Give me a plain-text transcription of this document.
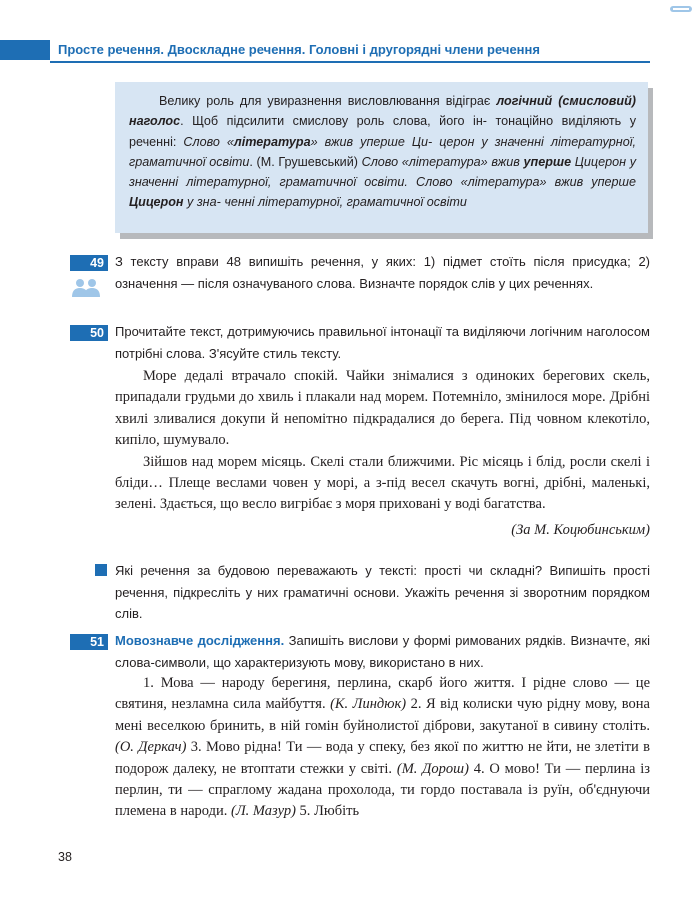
Просте речення. Двоскладне речення. Головні і другорядні члени речення

Велику роль для увиразнення висловлювання відіграє логічний (смисловий) наголос. Щоб підсилити смислову роль слова, його ін- тонаційно виділяють у реченні: Слово «література» вжив уперше Ци- церон у значенні літературної, граматичної освіти. (М. Грушевський) Слово «література» вжив уперше Цицерон у значенні літературної, граматичної освіти. Слово «література» вжив уперше Цицерон у зна- ченні літературної, граматичної освіти

49 З тексту вправи 48 випишіть речення, у яких: 1) підмет стоїть після присудка; 2) означення — після означуваного слова. Визначте порядок слів у цих реченнях.

50 Прочитайте текст, дотримуючись правильної інтонації та виділяючи логічним наголосом потрібні слова. З'ясуйте стиль тексту.

Море дедалі втрачало спокій. Чайки знімалися з одиноких берегових скель, припадали грудьми до хвиль і плакали над морем. Потемніло, змінилося море. Дрібні хвилі зливалися докупи й непомітно підкрадалися до берега. Під човном клекотіло, кипіло, шумувало.

Зійшов над морем місяць. Скелі стали ближчими. Ріс місяць і блід, росли скелі і бліди… Плеще веслами човен у морі, а з-під весел скачуть вогні, дрібні, маленькі, зелені. Здається, що весло вигрібає з моря приховані у воді багатства.

(За М. Коцюбинським)

Які речення за будовою переважають у тексті: прості чи складні? Випишіть прості речення, підкресліть у них граматичні основи. Укажіть речення зі зворотним порядком слів.

51 Мовознавче дослідження. Запишіть вислови у формі римованих рядків. Визначте, які слова-символи, що характеризують мову, використано в них.

1. Мова — народу берегиня, перлина, скарб його життя. І рідне слово — це святиня, незламна сила майбуття. (К. Линдюк) 2. Я від колиски чую рідну мову, вона мені веселкою бринить, в ній гомін буйнолистої діброви, закутаної в сивину століть. (О. Деркач) 3. Мово рідна! Ти — вода у спеку, без якої по життю не йти, не злетіти в подорож далеку, не втоптати стежки у світі. (М. Дорош) 4. О мово! Ти — перлина із перлин, ти — спраглому жадана прохолода, ти гордо поставала із руїн, об'єднуючи племена в народи. (Л. Мазур) 5. Любіть

38
